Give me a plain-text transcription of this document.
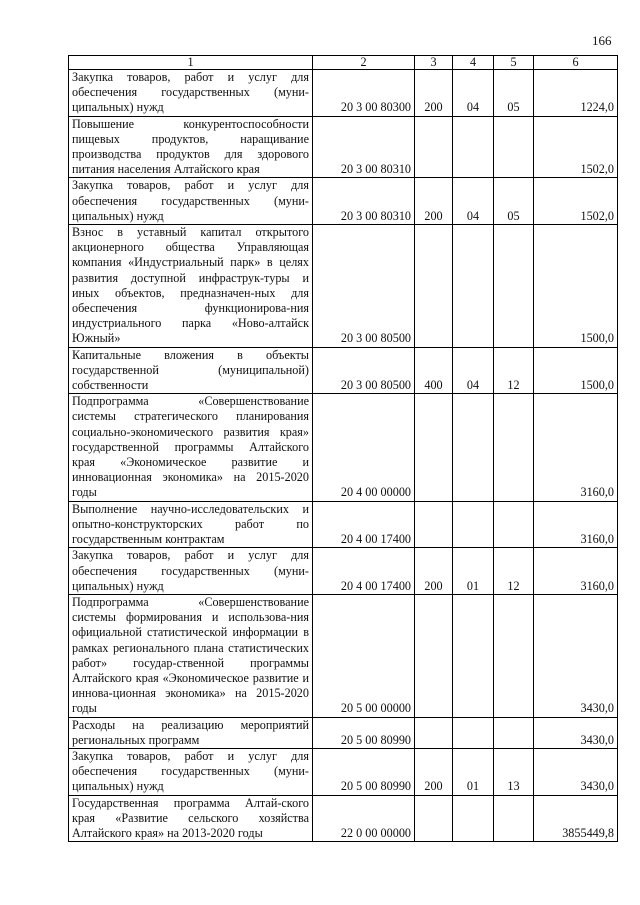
166
1	2	3	4	5	6
Закупка товаров, работ и услуг для обеспечения государственных (муни-ципальных) нужд	20 3 00 80300	200	04	05	1224,0
Повышение конкурентоспособности пищевых продуктов, наращивание производства продуктов для здорового питания населения Алтайского края	20 3 00 80310				1502,0
Закупка товаров, работ и услуг для обеспечения государственных (муни-ципальных) нужд	20 3 00 80310	200	04	05	1502,0
Взнос в уставный капитал открытого акционерного общества Управляющая компания «Индустриальный парк» в целях развития доступной инфраструк-туры и иных объектов, предназначен-ных для обеспечения функционирова-ния индустриального парка «Ново-алтайск Южный»	20 3 00 80500				1500,0
Капитальные вложения в объекты государственной (муниципальной) собственности	20 3 00 80500	400	04	12	1500,0
Подпрограмма «Совершенствование системы стратегического планирования социально-экономического развития края» государственной программы Алтайского края «Экономическое развитие и инновационная экономика» на 2015-2020 годы	20 4 00 00000				3160,0
Выполнение научно-исследовательских и опытно-конструкторских работ по государственным контрактам	20 4 00 17400				3160,0
Закупка товаров, работ и услуг для обеспечения государственных (муни-ципальных) нужд	20 4 00 17400	200	01	12	3160,0
Подпрограмма «Совершенствование системы формирования и использова-ния официальной статистической информации в рамках регионального плана статистических работ» государ-ственной программы Алтайского края «Экономическое развитие и иннова-ционная экономика» на 2015-2020 годы	20 5 00 00000				3430,0
Расходы на реализацию мероприятий региональных программ	20 5 00 80990				3430,0
Закупка товаров, работ и услуг для обеспечения государственных (муни-ципальных) нужд	20 5 00 80990	200	01	13	3430,0
Государственная программа Алтай-ского края «Развитие сельского хозяйства Алтайского края» на 2013-2020 годы	22 0 00 00000				3855449,8
